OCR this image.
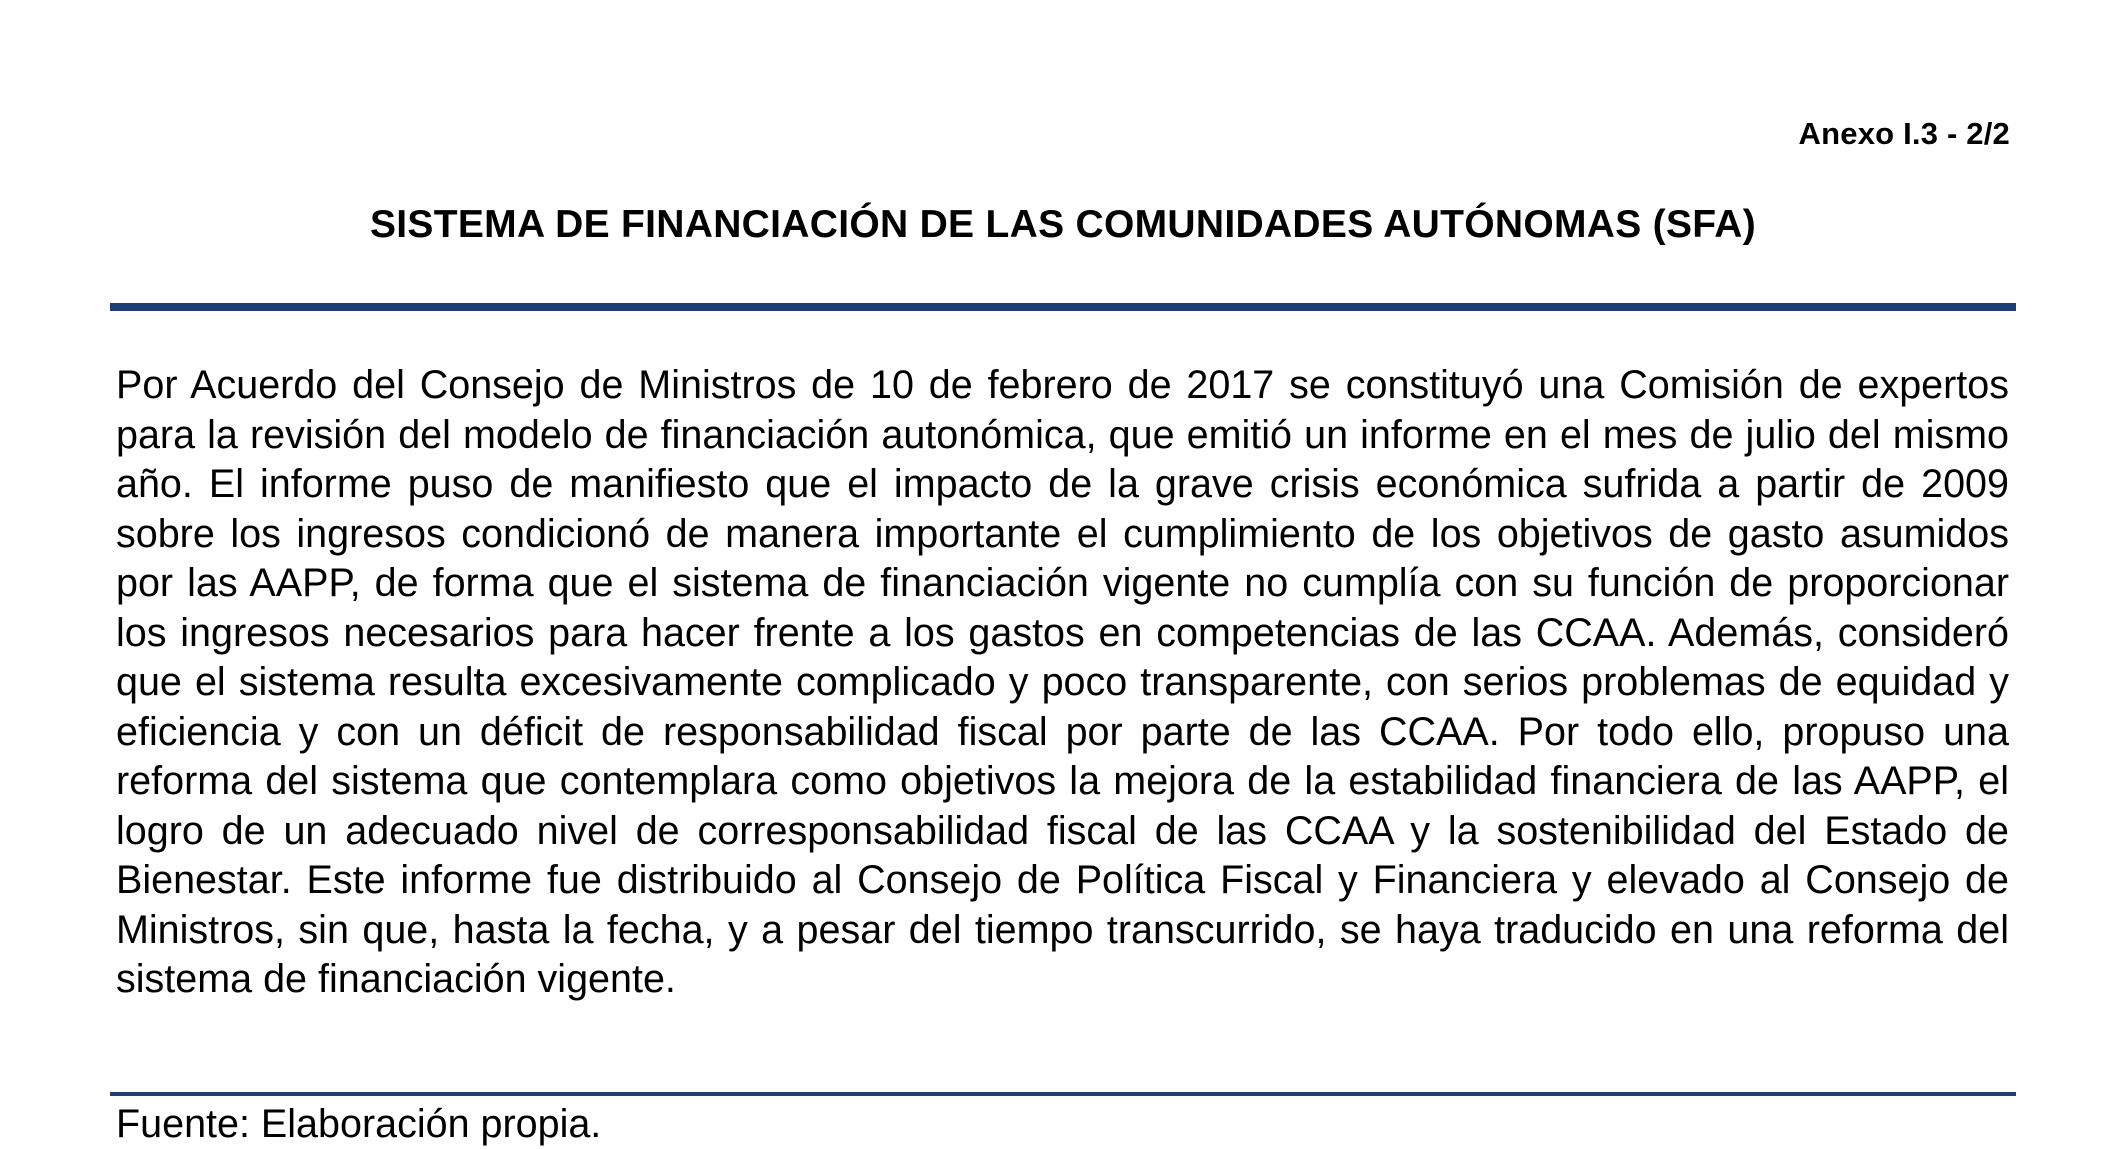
Anexo I.3 - 2/2
SISTEMA DE FINANCIACIÓN DE LAS COMUNIDADES AUTÓNOMAS (SFA)

Por Acuerdo del Consejo de Ministros de 10 de febrero de 2017 se constituyó una Comisión de expertos para la revisión del modelo de financiación autonómica, que emitió un informe en el mes de julio del mismo año. El informe puso de manifiesto que el impacto de la grave crisis económica sufrida a partir de 2009 sobre los ingresos condicionó de manera importante el cumplimiento de los objetivos de gasto asumidos por las AAPP, de forma que el sistema de financiación vigente no cumplía con su función de proporcionar los ingresos necesarios para hacer frente a los gastos en competencias de las CCAA. Además, consideró que el sistema resulta excesivamente complicado y poco transparente, con serios problemas de equidad y eficiencia y con un déficit de responsabilidad fiscal por parte de las CCAA. Por todo ello, propuso una reforma del sistema que contemplara como objetivos la mejora de la estabilidad financiera de las AAPP, el logro de un adecuado nivel de corresponsabilidad fiscal de las CCAA y la sostenibilidad del Estado de Bienestar. Este informe fue distribuido al Consejo de Política Fiscal y Financiera y elevado al Consejo de Ministros, sin que, hasta la fecha, y a pesar del tiempo transcurrido, se haya traducido en una reforma del sistema de financiación vigente.

Fuente: Elaboración propia.
